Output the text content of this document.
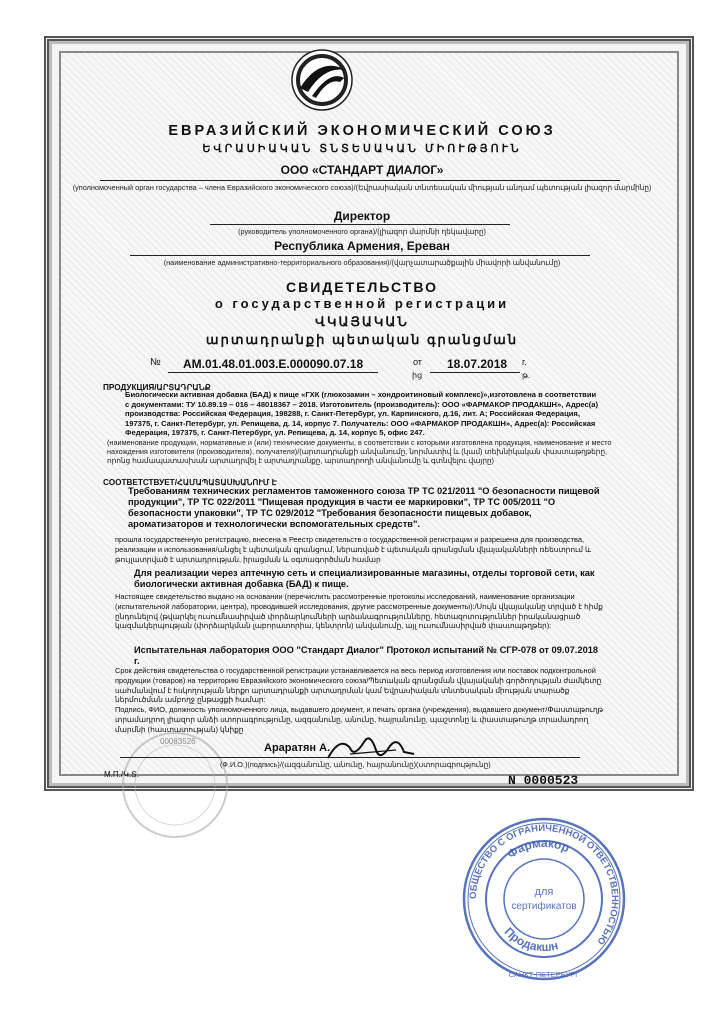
ЕВРАЗИЙСКИЙ ЭКОНОМИЧЕСКИЙ СОЮЗ
ԵՎՐԱՍԻԱԿԱՆ ՏՆՏԵՍԱԿԱՆ ՄԻՈՒԹՅՈՒՆ
ООО «СТАНДАРТ ДИАЛОГ»
(уполномоченный орган государства – члена Евразийского экономического союза)/(Եվրասիական տնտեսական միության անդամ պետության լիազոր մարմինը)
Директор
(руководитель уполномоченного органа)/(լիազոր մարմնի ղեկավարը)
Республика Армения, Ереван
(наименование административно-территориального образования)/(վարչատարածքային միավորի անվանումը)
СВИДЕТЕЛЬСТВО
о государственной регистрации
ՎԿԱՅԱԿԱՆ
արտադրանքի պետական գրանցման
№ AM.01.48.01.003.E.000090.07.18	от
ից
18.07.2018 г.
թ.
ПРОДУКЦИЯ/ԱՐՏԱԴՐԱՆՔ
Биологически активная добавка (БАД) к пище «ГХК (глюкозамин – хондроитиновый комплекс)»,изготовлена в соответствии с документами: ТУ 10.89.19 – 016 – 48018367 – 2018. Изготовитель (производитель): ООО «ФАРМАКОР ПРОДАКШН», Адрес(а) производства: Российская Федерация, 198288, г. Санкт-Петербург, ул. Карпинского, д.16, лит. А; Российская Федерация, 197375, г. Санкт-Петербург, ул. Репищева, д. 14, корпус 7. Получатель: ООО «ФАРМАКОР ПРОДАКШН», Адрес(а): Российская Федерация, 197375, г. Санкт-Петербург, ул. Репищева, д. 14, корпус 5, офис 247.
(наименование продукции, нормативные и (или) технические документы, в соответствии с которыми изготовлена продукция, наименование и место нахождения изготовителя (производителя), получателя)/(արտադրանքի անվանումը, նորմատիվ և (կամ) տեխնիկական փաստաթղթերը, որոնց համապատասխան արտադրվել է արտադրանքը, արտադրողի անվանումը և գտնվելու վայրը)
СООТВЕТСТВУЕТ/ՀԱՄԱՊԱՏԱՍԽԱՆՈՒՄ Է
Требованиям технических регламентов таможенного союза ТР ТС 021/2011 "О безопасности пищевой продукции", ТР ТС 022/2011 "Пищевая продукция в части ее маркировки", ТР ТС 005/2011 "О безопасности упаковки", ТР ТС 029/2012 "Требования безопасности пищевых добавок, ароматизаторов и технологически вспомогательных средств".
прошла государственную регистрацию, внесена в Реестр свидетельств о государственной регистрации и разрешена для производства, реализации и использования/անցել է պետական գրանցում, ներառված է պետական գրանցման վկայականների ռեեստրում և թույլատրված է արտադրության, իրացման և օգտագործման համար
Для реализации через аптечную сеть и специализированные магазины, отделы торговой сети, как биологически активная добавка (БАД) к пище.
Настоящее свидетельство выдано на основании (перечислить рассмотренные протоколы исследований, наименование организации (испытательной лаборатории, центра), проводившей исследования, другие рассмотренные документы):/Սույն վկայականը տրված է հիմք ընդունելով (թվարկել ուսումնասիրված փորձարկումների արձանագրությունները, հետազոտություններ իրականացրած կազմակերպության (փորձարկման լաբորատորիա, կենտրոն) անվանումը, այլ ուսումնասիրված փաստաթղթեր):
Испытательная лаборатория ООО "Стандарт Диалог" Протокол испытаний № СГР-078 от 09.07.2018 г.
Срок действия свидетельства о государственной регистрации устанавливается на весь период изготовления или поставок подконтрольной продукции (товаров) на территорию Евразийского экономического союза/Պետական գրանցման վկայականի գործողության ժամկետը սահմանվում է հսկողության ներքո արտադրանքի արտադրման կամ Եվրասիական տնտեսական միության տարածք ներմուծման ամբողջ ընթացքի համար:
Подпись, ФИО, должность уполномоченного лица, выдавшего документ, и печать органа (учреждения), выдавшего документ/Փաստաթուղթ տրամադրող լիազոր անձի ստորագրությունը, ազգանունը, անունը, հայրանունը, պաշտոնը և փաստաթուղթ տրամադրող մարմնի (հաստատության) կնիքը
00083526
Араратян А.
(Ф.И.О.)(подпись)/(ազգանունը, անունը, հայրանունը)(ստորագրությունը)
М.П./Կ.Տ.	N 0000523
ОБЩЕСТВО С ОГРАНИЧЕННОЙ ОТВЕТСТВЕННОСТЬЮ
Фармакор
Продакшн
для
сертификатов
САНКТ-ПЕТЕРБУРГ
